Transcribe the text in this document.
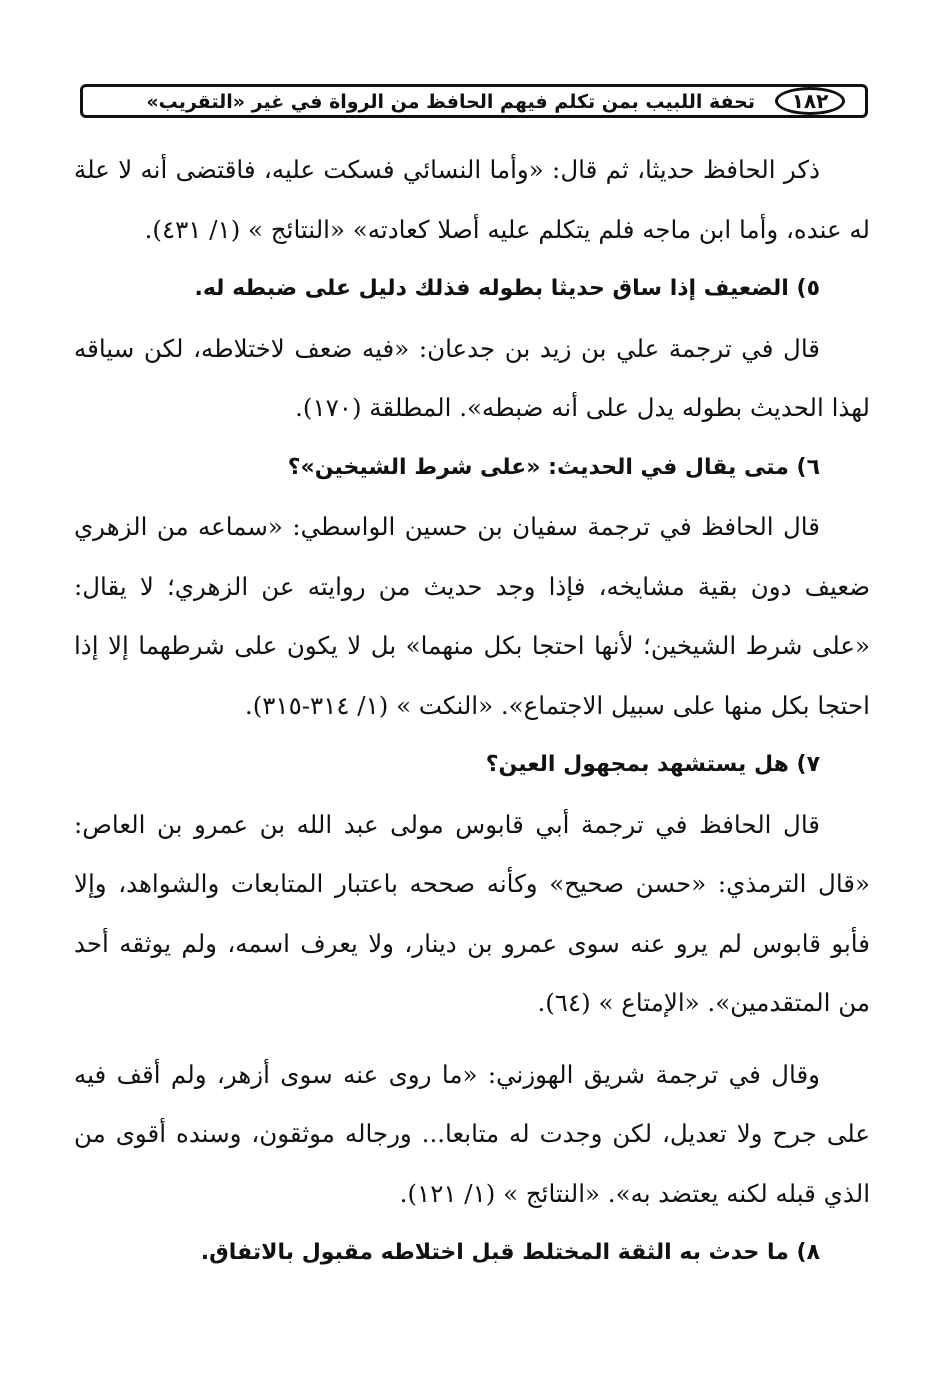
١٨٢
تحفة اللبيب بمن تكلم فيهم الحافظ من الرواة في غير «التقريب»

ذكر الحافظ حديثا، ثم قال: «وأما النسائي فسكت عليه، فاقتضى أنه لا علة له عنده، وأما ابن ماجه فلم يتكلم عليه أصلا كعادته» «النتائج » (١/ ٤٣١).

٥) الضعيف إذا ساق حديثا بطوله فذلك دليل على ضبطه له.

قال في ترجمة علي بن زيد بن جدعان: «فيه ضعف لاختلاطه، لكن سياقه لهذا الحديث بطوله يدل على أنه ضبطه». المطلقة (١٧٠).

٦) متى يقال في الحديث: «على شرط الشيخين»؟

قال الحافظ في ترجمة سفيان بن حسين الواسطي: «سماعه من الزهري ضعيف دون بقية مشايخه، فإذا وجد حديث من روايته عن الزهري؛ لا يقال: «على شرط الشيخين؛ لأنها احتجا بكل منهما» بل لا يكون على شرطهما إلا إذا احتجا بكل منها على سبيل الاجتماع». «النكت » (١/ ٣١٤-٣١٥).

٧) هل يستشهد بمجهول العين؟

قال الحافظ في ترجمة أبي قابوس مولى عبد الله بن عمرو بن العاص: «قال الترمذي: «حسن صحيح» وكأنه صححه باعتبار المتابعات والشواهد، وإلا فأبو قابوس لم يرو عنه سوى عمرو بن دينار، ولا يعرف اسمه، ولم يوثقه أحد من المتقدمين». «الإمتاع » (٦٤).

وقال في ترجمة شريق الهوزني: «ما روى عنه سوى أزهر، ولم أقف فيه على جرح ولا تعديل، لكن وجدت له متابعا... ورجاله موثقون، وسنده أقوى من الذي قبله لكنه يعتضد به». «النتائج » (١/ ١٢١).

٨) ما حدث به الثقة المختلط قبل اختلاطه مقبول بالاتفاق.
